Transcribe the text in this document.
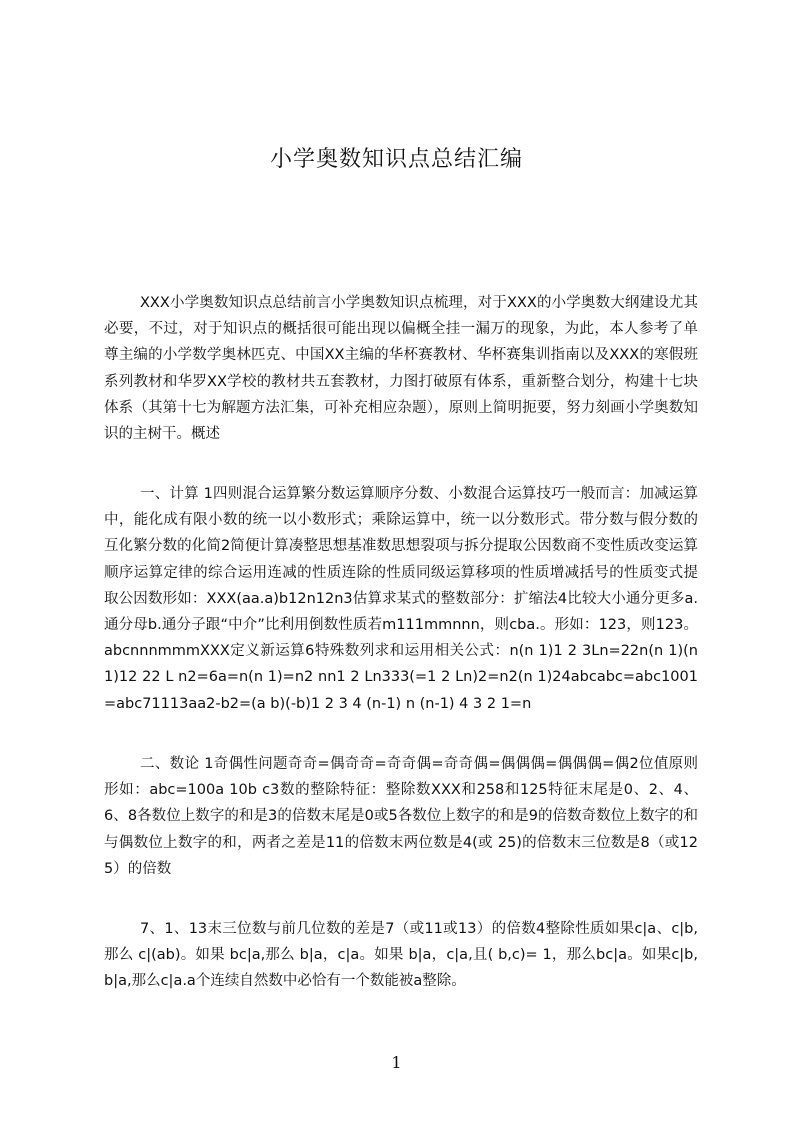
小学奥数知识点总结汇编

XXX小学奥数知识点总结前言小学奥数知识点梳理，对于XXX的小学奥数大纲建设尤其必要，不过，对于知识点的概括很可能出现以偏概全挂一漏万的现象，为此，本人参考了单尊主编的小学数学奥林匹克、中国XX主编的华杯赛教材、华杯赛集训指南以及XXX的寒假班系列教材和华罗XX学校的教材共五套教材，力图打破原有体系，重新整合划分，构建十七块体系（其第十七为解题方法汇集，可补充相应杂题），原则上简明扼要，努力刻画小学奥数知识的主树干。概述

一、计算 1四则混合运算繁分数运算顺序分数、小数混合运算技巧一般而言：加减运算中，能化成有限小数的统一以小数形式；乘除运算中，统一以分数形式。带分数与假分数的互化繁分数的化简2简便计算凑整思想基准数思想裂项与拆分提取公因数商不变性质改变运算顺序运算定律的综合运用连减的性质连除的性质同级运算移项的性质增减括号的性质变式提取公因数形如：XXX(aa.a)b12n12n3估算求某式的整数部分：扩缩法4比较大小通分更多a.通分母b.通分子跟“中介”比利用倒数性质若m111mmnnn，则cba.。形如：123，则123。abcnnnmmmXXX定义新运算6特殊数列求和运用相关公式：n(n 1)1 2 3Ln=22n(n 1)(n 1)12 22 L n2=6a=n(n 1)=n2 nn1 2 Ln333(=1 2 Ln)2=n2(n 1)24abcabc=abc1001=abc71113aa2-b2=(a b)(-b)1 2 3 4 (n-1) n (n-1) 4 3 2 1=n

二、数论 1奇偶性问题奇奇=偶奇奇=奇奇偶=奇奇偶=偶偶偶=偶偶偶=偶2位值原则形如：abc=100a 10b c3数的整除特征：整除数XXX和258和125特征末尾是0、2、4、6、8各数位上数字的和是3的倍数末尾是0或5各数位上数字的和是9的倍数奇数位上数字的和与偶数位上数字的和，两者之差是11的倍数末两位数是4(或 25)的倍数末三位数是8（或125）的倍数

7、1、13末三位数与前几位数的差是7（或11或13）的倍数4整除性质如果c|a、c|b,那么 c|(ab)。如果 bc|a,那么 b|a，c|a。如果 b|a，c|a,且( b,c)= 1，那么bc|a。如果c|b,b|a,那么c|a.a个连续自然数中必恰有一个数能被a整除。

1
